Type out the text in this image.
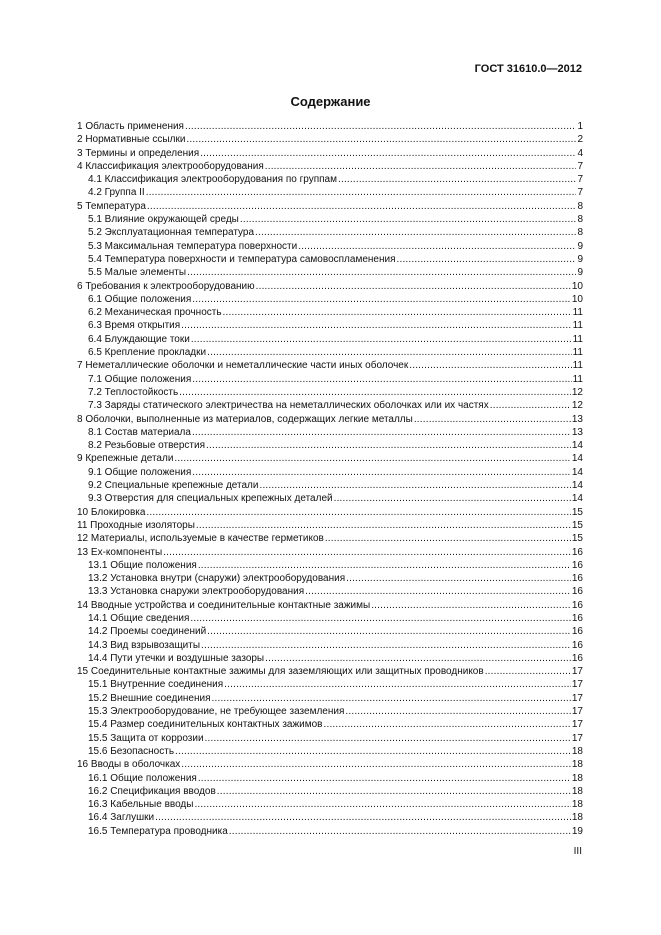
ГОСТ 31610.0—2012
Содержание
1 Область применения .....	1
2 Нормативные ссылки .....	2
3 Термины и определения .....	4
4 Классификация электрооборудования .....	7
4.1 Классификация электрооборудования по группам .....	7
4.2 Группа II .....	7
5 Температура .....	8
5.1 Влияние окружающей среды .....	8
5.2 Эксплуатационная температура .....	8
5.3 Максимальная температура поверхности .....	9
5.4 Температура поверхности и температура самовоспламенения .....	9
5.5 Малые элементы .....	9
6 Требования к электрооборудованию .....	10
6.1 Общие положения .....	10
6.2 Механическая прочность .....	11
6.3 Время открытия .....	11
6.4 Блуждающие токи .....	11
6.5 Крепление прокладки .....	11
7 Неметаллические оболочки и неметаллические части иных оболочек .....	11
7.1 Общие положения .....	11
7.2 Теплостойкость .....	12
7.3 Заряды статического электричества на неметаллических оболочках или их частях .....	12
8 Оболочки, выполненные из материалов, содержащих легкие металлы .....	13
8.1 Состав материала .....	13
8.2 Резьбовые отверстия .....	14
9 Крепежные детали .....	14
9.1 Общие положения .....	14
9.2 Специальные крепежные детали .....	14
9.3 Отверстия для специальных крепежных деталей .....	14
10 Блокировка .....	15
11 Проходные изоляторы .....	15
12 Материалы, используемые в качестве герметиков .....	15
13 Ex-компоненты .....	16
13.1 Общие положения .....	16
13.2 Установка внутри (снаружи) электрооборудования .....	16
13.3 Установка снаружи электрооборудования .....	16
14 Вводные устройства и соединительные контактные зажимы .....	16
14.1 Общие сведения .....	16
14.2 Проемы соединений .....	16
14.3 Вид взрывозащиты .....	16
14.4 Пути утечки и воздушные зазоры .....	16
15 Соединительные контактные зажимы для заземляющих или защитных проводников .....	17
15.1 Внутренние соединения .....	17
15.2 Внешние соединения .....	17
15.3 Электрооборудование, не требующее заземления .....	17
15.4 Размер соединительных контактных зажимов .....	17
15.5 Защита от коррозии .....	17
15.6 Безопасность .....	18
16 Вводы в оболочках .....	18
16.1 Общие положения .....	18
16.2 Спецификация вводов .....	18
16.3 Кабельные вводы .....	18
16.4 Заглушки .....	18
16.5 Температура проводника .....	19
III
